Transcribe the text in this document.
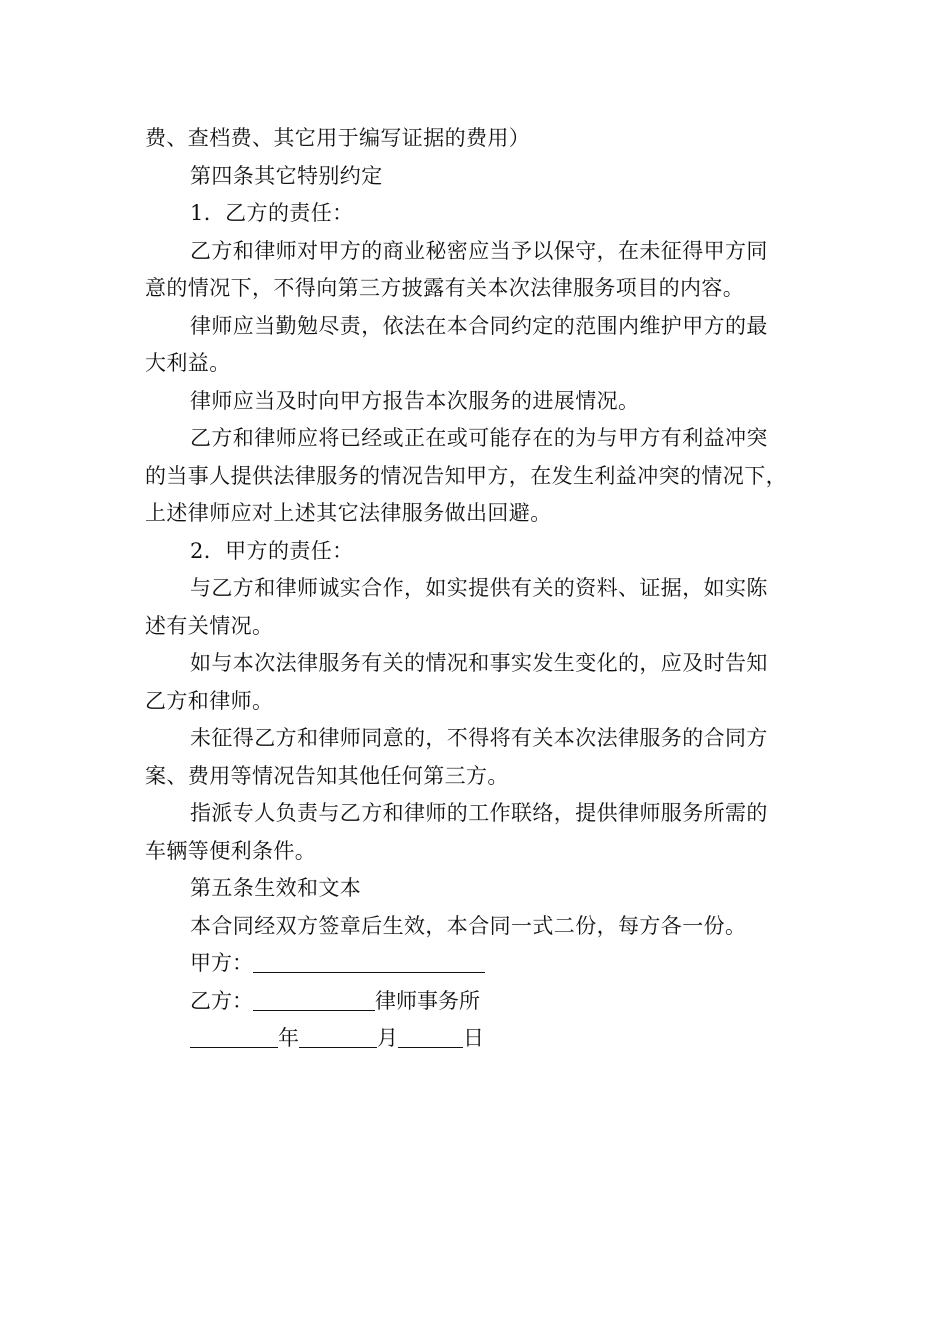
费、查档费、其它用于编写证据的费用）

第四条其它特别约定

1．乙方的责任：

乙方和律师对甲方的商业秘密应当予以保守，在未征得甲方同

意的情况下，不得向第三方披露有关本次法律服务项目的内容。

律师应当勤勉尽责，依法在本合同约定的范围内维护甲方的最

大利益。

律师应当及时向甲方报告本次服务的进展情况。

乙方和律师应将已经或正在或可能存在的为与甲方有利益冲突

的当事人提供法律服务的情况告知甲方，在发生利益冲突的情况下，

上述律师应对上述其它法律服务做出回避。

2．甲方的责任：

与乙方和律师诚实合作，如实提供有关的资料、证据，如实陈

述有关情况。

如与本次法律服务有关的情况和事实发生变化的，应及时告知

乙方和律师。

未征得乙方和律师同意的，不得将有关本次法律服务的合同方

案、费用等情况告知其他任何第三方。

指派专人负责与乙方和律师的工作联络，提供律师服务所需的

车辆等便利条件。

第五条生效和文本

本合同经双方签章后生效，本合同一式二份，每方各一份。

甲方：

乙方：	律师事务所

年	月	日
